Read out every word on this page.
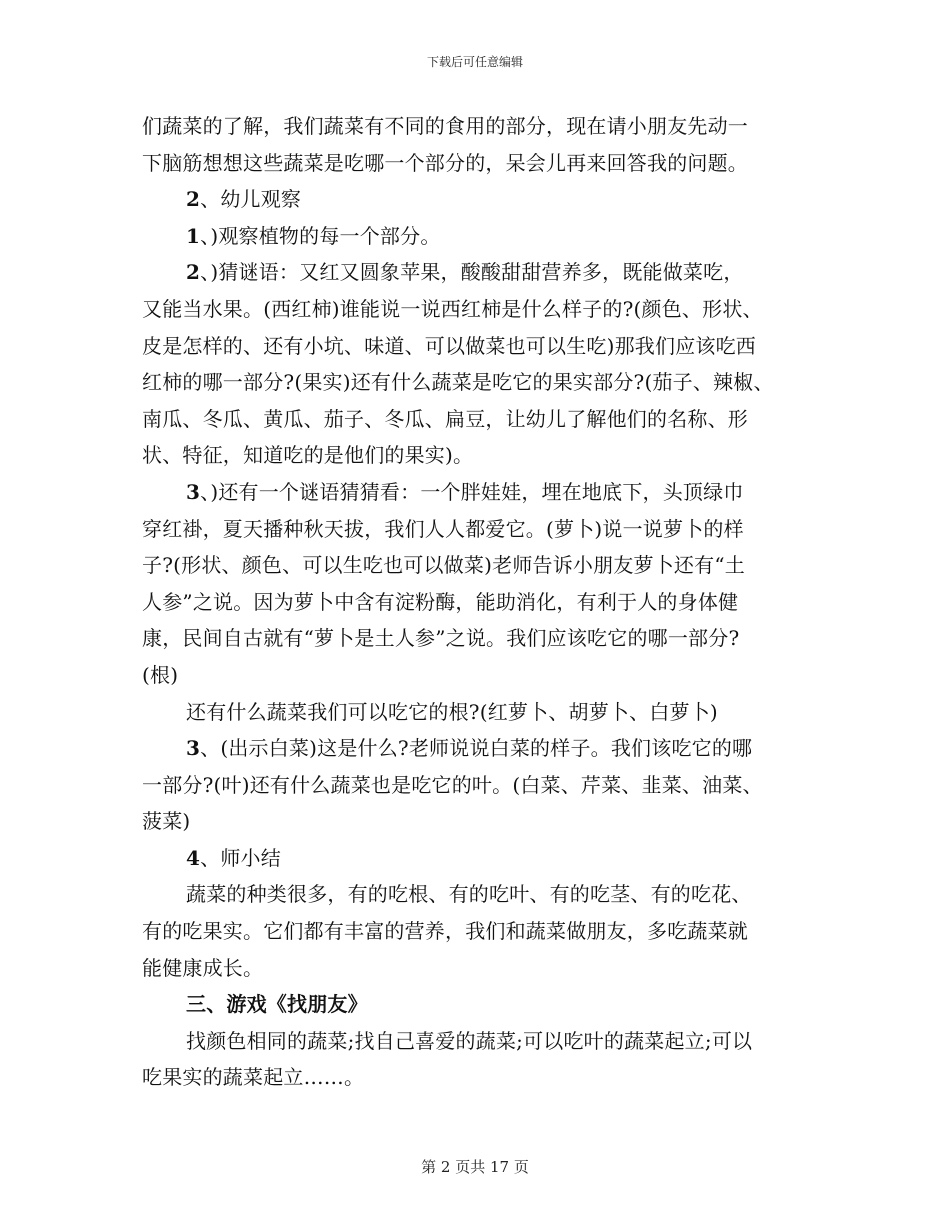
下载后可任意编辑
们蔬菜的了解，我们蔬菜有不同的食用的部分，现在请小朋友先动一
下脑筋想想这些蔬菜是吃哪一个部分的，呆会儿再来回答我的问题。
2、幼儿观察
1、)观察植物的每一个部分。
2、)猜谜语：又红又圆象苹果，酸酸甜甜营养多，既能做菜吃，
又能当水果。(西红柿)谁能说一说西红柿是什么样子的?(颜色、形状、
皮是怎样的、还有小坑、味道、可以做菜也可以生吃)那我们应该吃西
红柿的哪一部分?(果实)还有什么蔬菜是吃它的果实部分?(茄子、辣椒、
南瓜、冬瓜、黄瓜、茄子、冬瓜、扁豆，让幼儿了解他们的名称、形
状、特征，知道吃的是他们的果实)。
3、)还有一个谜语猜猜看：一个胖娃娃，埋在地底下，头顶绿巾
穿红褂，夏天播种秋天拔，我们人人都爱它。(萝卜)说一说萝卜的样
子?(形状、颜色、可以生吃也可以做菜)老师告诉小朋友萝卜还有“土
人参”之说。因为萝卜中含有淀粉酶，能助消化，有利于人的身体健
康，民间自古就有“萝卜是土人参”之说。我们应该吃它的哪一部分?
(根)
还有什么蔬菜我们可以吃它的根?(红萝卜、胡萝卜、白萝卜)
3、(出示白菜)这是什么?老师说说白菜的样子。我们该吃它的哪
一部分?(叶)还有什么蔬菜也是吃它的叶。(白菜、芹菜、韭菜、油菜、
菠菜)
4、师小结
蔬菜的种类很多，有的吃根、有的吃叶、有的吃茎、有的吃花、
有的吃果实。它们都有丰富的营养，我们和蔬菜做朋友，多吃蔬菜就
能健康成长。
三、游戏《找朋友》
找颜色相同的蔬菜;找自己喜爱的蔬菜;可以吃叶的蔬菜起立;可以
吃果实的蔬菜起立……。
第 2 页共 17 页
